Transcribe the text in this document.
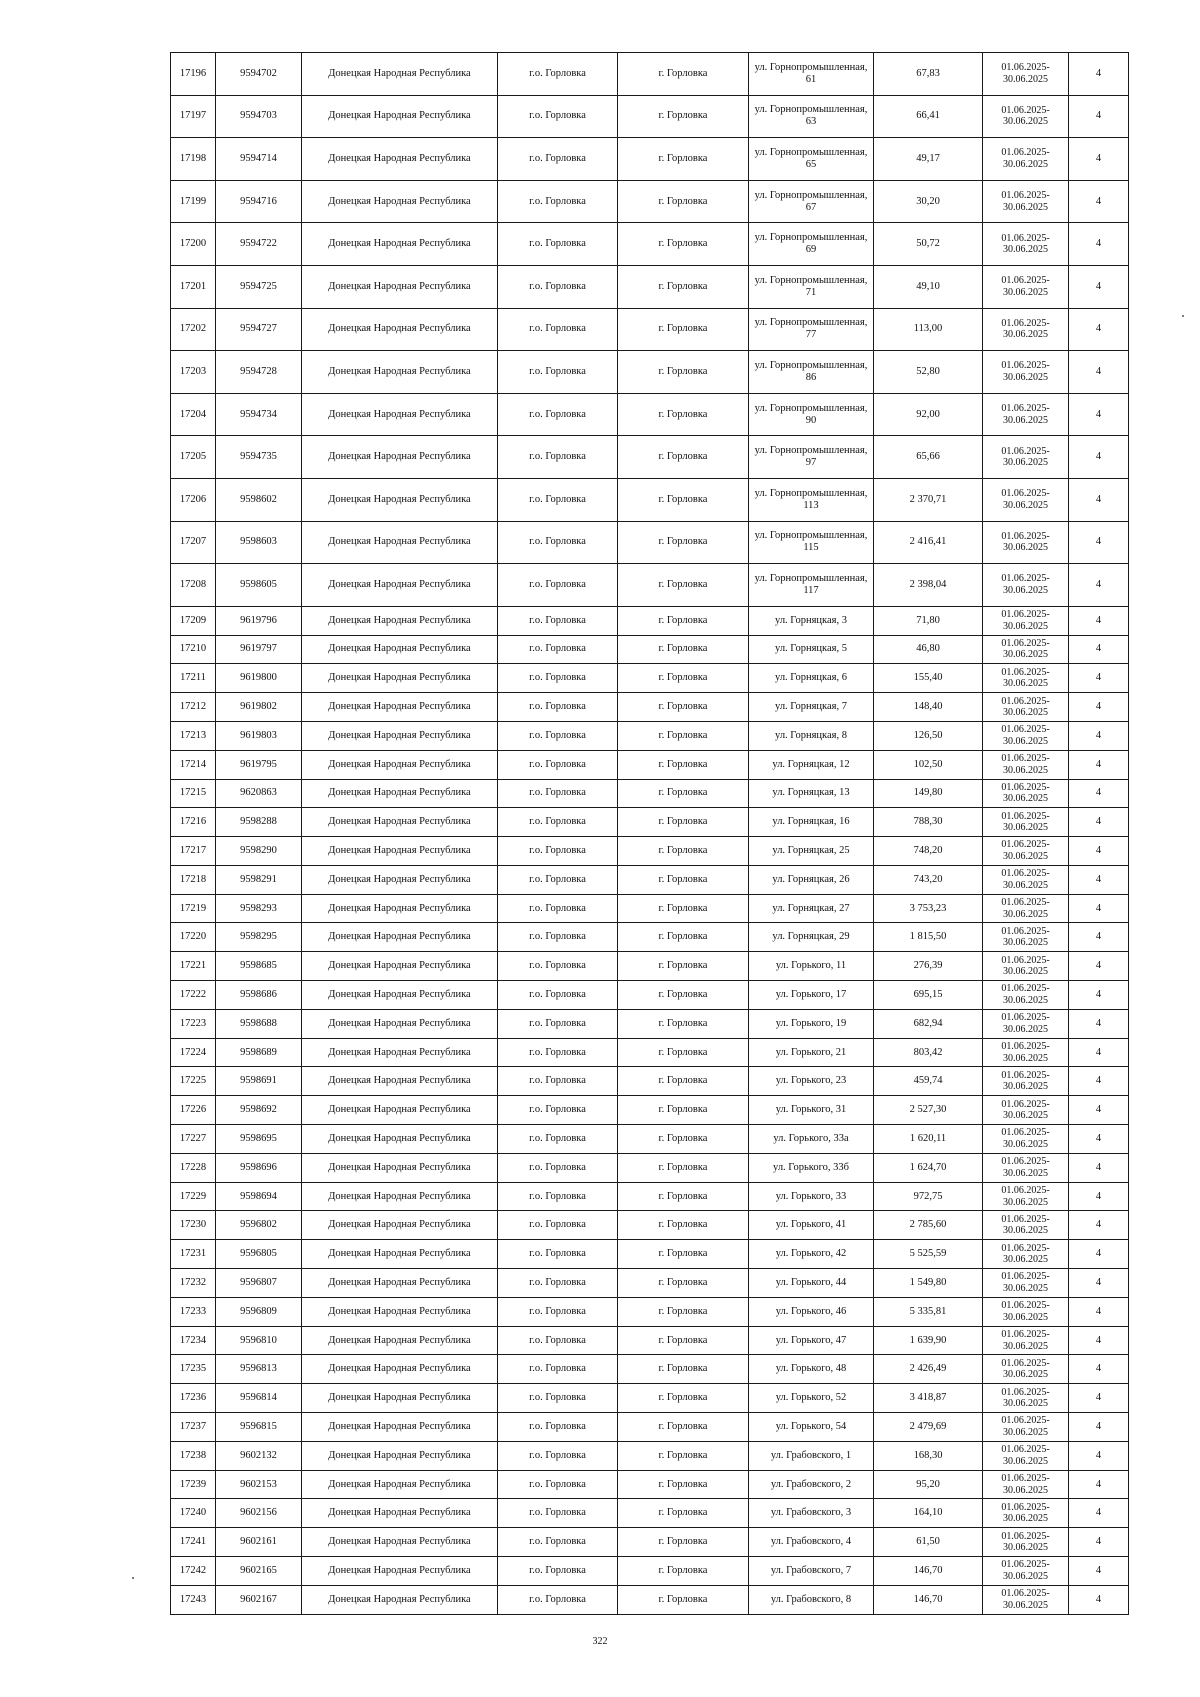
17196	9594702	Донецкая Народная Республика	г.о. Горловка	г. Горловка	ул. Горнопромышленная, 61	67,83	01.06.2025-30.06.2025	4
17197	9594703	Донецкая Народная Республика	г.о. Горловка	г. Горловка	ул. Горнопромышленная, 63	66,41	01.06.2025-30.06.2025	4
17198	9594714	Донецкая Народная Республика	г.о. Горловка	г. Горловка	ул. Горнопромышленная, 65	49,17	01.06.2025-30.06.2025	4
17199	9594716	Донецкая Народная Республика	г.о. Горловка	г. Горловка	ул. Горнопромышленная, 67	30,20	01.06.2025-30.06.2025	4
17200	9594722	Донецкая Народная Республика	г.о. Горловка	г. Горловка	ул. Горнопромышленная, 69	50,72	01.06.2025-30.06.2025	4
17201	9594725	Донецкая Народная Республика	г.о. Горловка	г. Горловка	ул. Горнопромышленная, 71	49,10	01.06.2025-30.06.2025	4
17202	9594727	Донецкая Народная Республика	г.о. Горловка	г. Горловка	ул. Горнопромышленная, 77	113,00	01.06.2025-30.06.2025	4
17203	9594728	Донецкая Народная Республика	г.о. Горловка	г. Горловка	ул. Горнопромышленная, 86	52,80	01.06.2025-30.06.2025	4
17204	9594734	Донецкая Народная Республика	г.о. Горловка	г. Горловка	ул. Горнопромышленная, 90	92,00	01.06.2025-30.06.2025	4
17205	9594735	Донецкая Народная Республика	г.о. Горловка	г. Горловка	ул. Горнопромышленная, 97	65,66	01.06.2025-30.06.2025	4
17206	9598602	Донецкая Народная Республика	г.о. Горловка	г. Горловка	ул. Горнопромышленная, 113	2 370,71	01.06.2025-30.06.2025	4
17207	9598603	Донецкая Народная Республика	г.о. Горловка	г. Горловка	ул. Горнопромышленная, 115	2 416,41	01.06.2025-30.06.2025	4
17208	9598605	Донецкая Народная Республика	г.о. Горловка	г. Горловка	ул. Горнопромышленная, 117	2 398,04	01.06.2025-30.06.2025	4
17209	9619796	Донецкая Народная Республика	г.о. Горловка	г. Горловка	ул. Горняцкая, 3	71,80	01.06.2025-30.06.2025	4
17210	9619797	Донецкая Народная Республика	г.о. Горловка	г. Горловка	ул. Горняцкая, 5	46,80	01.06.2025-30.06.2025	4
17211	9619800	Донецкая Народная Республика	г.о. Горловка	г. Горловка	ул. Горняцкая, 6	155,40	01.06.2025-30.06.2025	4
17212	9619802	Донецкая Народная Республика	г.о. Горловка	г. Горловка	ул. Горняцкая, 7	148,40	01.06.2025-30.06.2025	4
17213	9619803	Донецкая Народная Республика	г.о. Горловка	г. Горловка	ул. Горняцкая, 8	126,50	01.06.2025-30.06.2025	4
17214	9619795	Донецкая Народная Республика	г.о. Горловка	г. Горловка	ул. Горняцкая, 12	102,50	01.06.2025-30.06.2025	4
17215	9620863	Донецкая Народная Республика	г.о. Горловка	г. Горловка	ул. Горняцкая, 13	149,80	01.06.2025-30.06.2025	4
17216	9598288	Донецкая Народная Республика	г.о. Горловка	г. Горловка	ул. Горняцкая, 16	788,30	01.06.2025-30.06.2025	4
17217	9598290	Донецкая Народная Республика	г.о. Горловка	г. Горловка	ул. Горняцкая, 25	748,20	01.06.2025-30.06.2025	4
17218	9598291	Донецкая Народная Республика	г.о. Горловка	г. Горловка	ул. Горняцкая, 26	743,20	01.06.2025-30.06.2025	4
17219	9598293	Донецкая Народная Республика	г.о. Горловка	г. Горловка	ул. Горняцкая, 27	3 753,23	01.06.2025-30.06.2025	4
17220	9598295	Донецкая Народная Республика	г.о. Горловка	г. Горловка	ул. Горняцкая, 29	1 815,50	01.06.2025-30.06.2025	4
17221	9598685	Донецкая Народная Республика	г.о. Горловка	г. Горловка	ул. Горького, 11	276,39	01.06.2025-30.06.2025	4
17222	9598686	Донецкая Народная Республика	г.о. Горловка	г. Горловка	ул. Горького, 17	695,15	01.06.2025-30.06.2025	4
17223	9598688	Донецкая Народная Республика	г.о. Горловка	г. Горловка	ул. Горького, 19	682,94	01.06.2025-30.06.2025	4
17224	9598689	Донецкая Народная Республика	г.о. Горловка	г. Горловка	ул. Горького, 21	803,42	01.06.2025-30.06.2025	4
17225	9598691	Донецкая Народная Республика	г.о. Горловка	г. Горловка	ул. Горького, 23	459,74	01.06.2025-30.06.2025	4
17226	9598692	Донецкая Народная Республика	г.о. Горловка	г. Горловка	ул. Горького, 31	2 527,30	01.06.2025-30.06.2025	4
17227	9598695	Донецкая Народная Республика	г.о. Горловка	г. Горловка	ул. Горького, 33а	1 620,11	01.06.2025-30.06.2025	4
17228	9598696	Донецкая Народная Республика	г.о. Горловка	г. Горловка	ул. Горького, 33б	1 624,70	01.06.2025-30.06.2025	4
17229	9598694	Донецкая Народная Республика	г.о. Горловка	г. Горловка	ул. Горького, 33	972,75	01.06.2025-30.06.2025	4
17230	9596802	Донецкая Народная Республика	г.о. Горловка	г. Горловка	ул. Горького, 41	2 785,60	01.06.2025-30.06.2025	4
17231	9596805	Донецкая Народная Республика	г.о. Горловка	г. Горловка	ул. Горького, 42	5 525,59	01.06.2025-30.06.2025	4
17232	9596807	Донецкая Народная Республика	г.о. Горловка	г. Горловка	ул. Горького, 44	1 549,80	01.06.2025-30.06.2025	4
17233	9596809	Донецкая Народная Республика	г.о. Горловка	г. Горловка	ул. Горького, 46	5 335,81	01.06.2025-30.06.2025	4
17234	9596810	Донецкая Народная Республика	г.о. Горловка	г. Горловка	ул. Горького, 47	1 639,90	01.06.2025-30.06.2025	4
17235	9596813	Донецкая Народная Республика	г.о. Горловка	г. Горловка	ул. Горького, 48	2 426,49	01.06.2025-30.06.2025	4
17236	9596814	Донецкая Народная Республика	г.о. Горловка	г. Горловка	ул. Горького, 52	3 418,87	01.06.2025-30.06.2025	4
17237	9596815	Донецкая Народная Республика	г.о. Горловка	г. Горловка	ул. Горького, 54	2 479,69	01.06.2025-30.06.2025	4
17238	9602132	Донецкая Народная Республика	г.о. Горловка	г. Горловка	ул. Грабовского, 1	168,30	01.06.2025-30.06.2025	4
17239	9602153	Донецкая Народная Республика	г.о. Горловка	г. Горловка	ул. Грабовского, 2	95,20	01.06.2025-30.06.2025	4
17240	9602156	Донецкая Народная Республика	г.о. Горловка	г. Горловка	ул. Грабовского, 3	164,10	01.06.2025-30.06.2025	4
17241	9602161	Донецкая Народная Республика	г.о. Горловка	г. Горловка	ул. Грабовского, 4	61,50	01.06.2025-30.06.2025	4
17242	9602165	Донецкая Народная Республика	г.о. Горловка	г. Горловка	ул. Грабовского, 7	146,70	01.06.2025-30.06.2025	4
17243	9602167	Донецкая Народная Республика	г.о. Горловка	г. Горловка	ул. Грабовского, 8	146,70	01.06.2025-30.06.2025	4
322
